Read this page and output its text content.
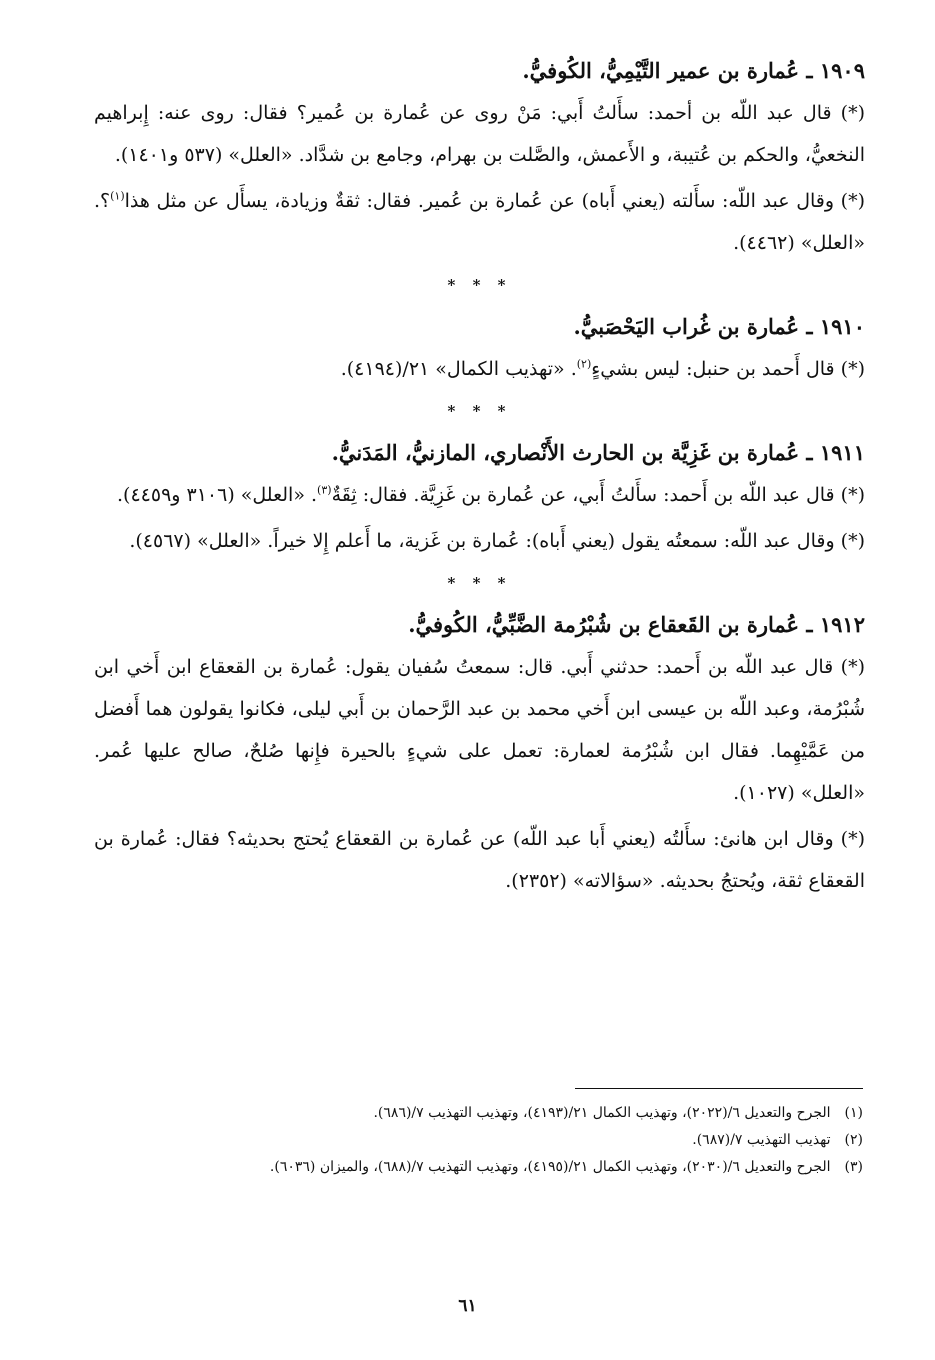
١٩٠٩ ـ عُمارة بن عمير التَّيْمِيُّ، الكُوفيُّ.

(*) قال عبد اللّه بن أحمد: سأَلتُ أَبي: مَنْ روى عن عُمارة بن عُمير؟ فقال: روى عنه: إِبراهيم النخعيُّ، والحكم بن عُتيبة، و الأَعمش، والصَّلت بن بهرام، وجامع بن شدَّاد. «العلل» (٥٣٧ و١٤٠١).

(*) وقال عبد اللّه: سأَلته (يعني أَباه) عن عُمارة بن عُمير. فقال: ثقةٌ وزيادة، يسأَل عن مثل هذا$^{(١)}$؟. «العلل» (٤٤٦٢).

* * *
١٩١٠ ـ عُمارة بن غُراب اليَحْصَبيُّ.

(*) قال أَحمد بن حنبل: ليس بشيءٍ$^{(٢)}$. «تهذيب الكمال» ٢١/(٤١٩٤).

* * *
١٩١١ ـ عُمارة بن غَزِيَّة بن الحارث الأَنْصاري، المازنيُّ، المَدَنيُّ.

(*) قال عبد اللّه بن أَحمد: سأَلتُ أَبي، عن عُمارة بن غَزِيَّة. فقال: ثِقَةٌ$^{(٣)}$. «العلل» (٣١٠٦ و٤٤٥٩).

(*) وقال عبد اللّه: سمعتُه يقول (يعني أَباه): عُمارة بن غَزية، ما أَعلم إِلا خيراً. «العلل» (٤٥٦٧).

* * *
١٩١٢ ـ عُمارة بن القَعقاع بن شُبْرُمة الضَّبِّيُّ، الكُوفيُّ.

(*) قال عبد اللّه بن أَحمد: حدثني أَبي. قال: سمعتُ سُفيان يقول: عُمارة بن القعقاع ابن أَخي ابن شُبْرُمة، وعبد اللّه بن عيسى ابن أَخي محمد بن عبد الرَّحمان بن أَبي ليلى، فكانوا يقولون هما أَفضل من عَمَّيْهِما. فقال ابن شُبْرُمة لعمارة: تعمل على شيءٍ بالحيرة فإِنها صُلحٌ، صالح عليها عُمر. «العلل» (١٠٢٧).

(*) وقال ابن هانئ: سأَلتُه (يعني أَبا عبد اللّه) عن عُمارة بن القعقاع يُحتج بحديثه؟ فقال: عُمارة بن القعقاع ثقة، ويُحتجُ بحديثه. «سؤالاته» (٢٣٥٢).

(١)
الجرح والتعديل ٦/(٢٠٢٢)، وتهذيب الكمال ٢١/(٤١٩٣)، وتهذيب التهذيب ٧/(٦٨٦).
(٢)
تهذيب التهذيب ٧/(٦٨٧).
(٣)
الجرح والتعديل ٦/(٢٠٣٠)، وتهذيب الكمال ٢١/(٤١٩٥)، وتهذيب التهذيب ٧/(٦٨٨)، والميزان (٦٠٣٦).
٦١
